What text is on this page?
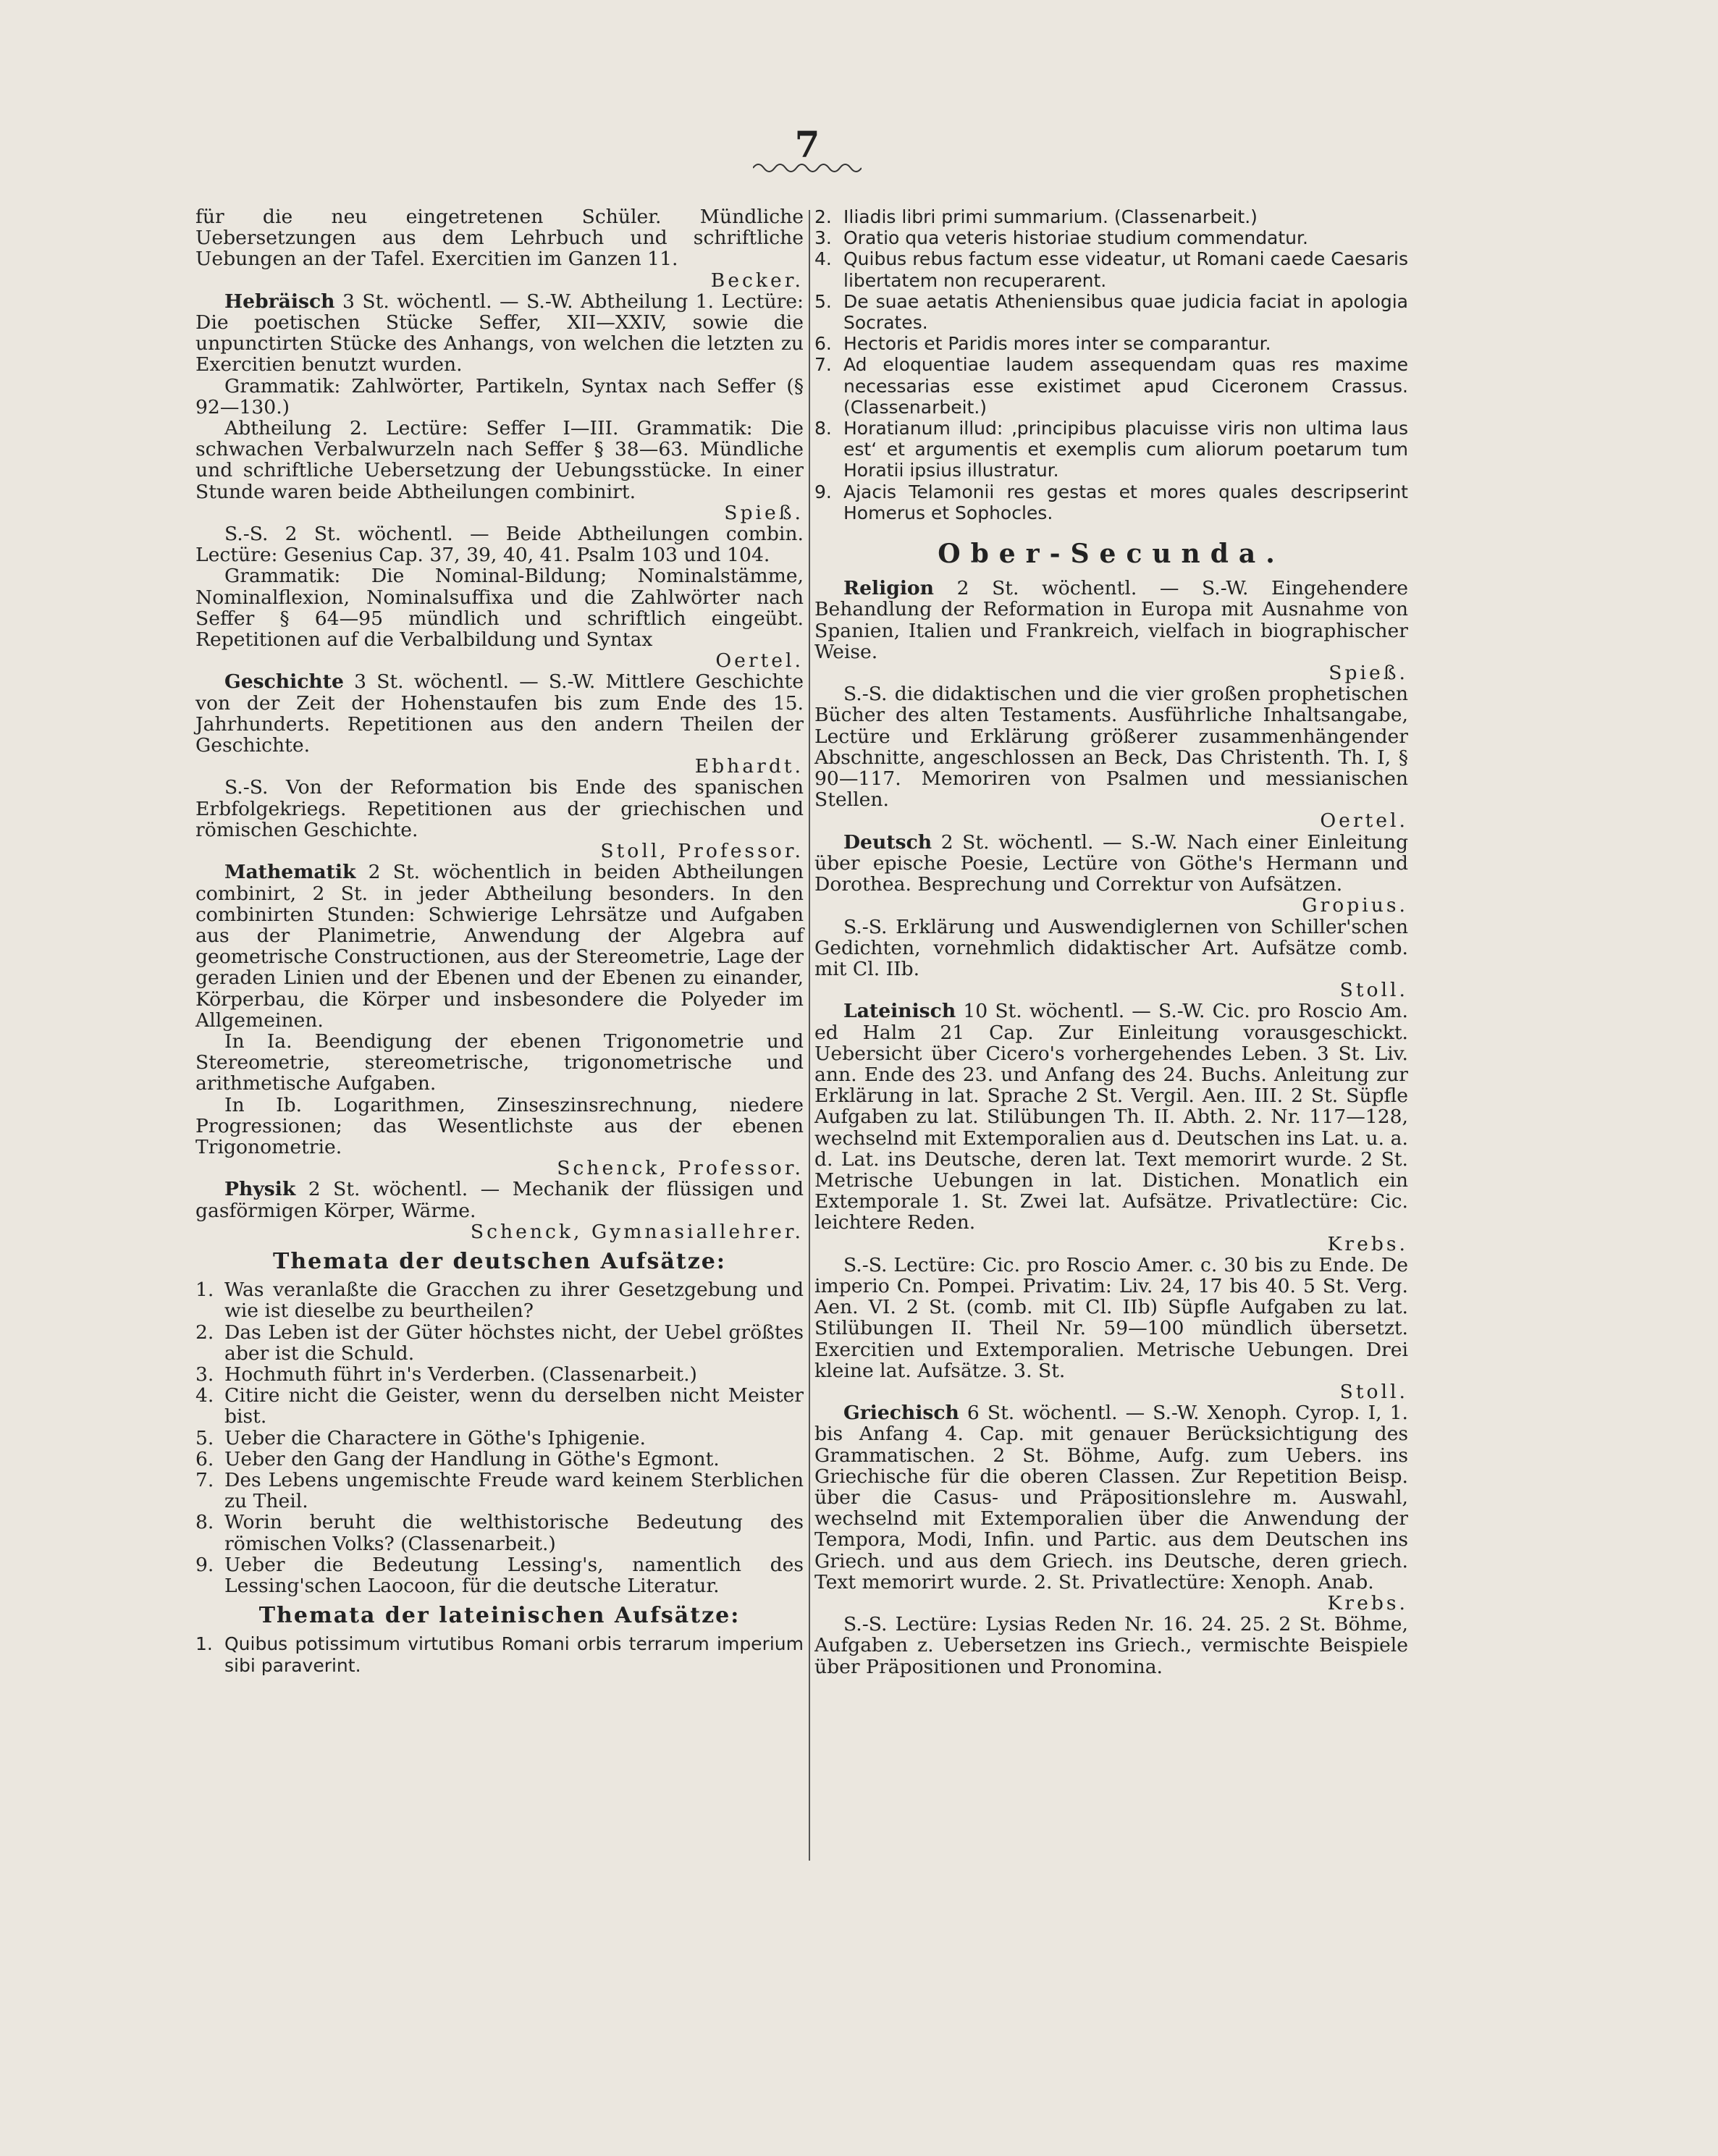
7

für die neu eingetretenen Schüler. Mündliche Uebersetzungen aus dem Lehrbuch und schriftliche Uebungen an der Tafel. Exercitien im Ganzen 11.

Becker.

Hebräisch 3 St. wöchentl. — S.-W. Abtheilung 1. Lectüre: Die poetischen Stücke Seffer, XII—XXIV, sowie die unpunctirten Stücke des Anhangs, von welchen die letzten zu Exercitien benutzt wurden.

Grammatik: Zahlwörter, Partikeln, Syntax nach Seffer (§ 92—130.)

Abtheilung 2. Lectüre: Seffer I—III. Grammatik: Die schwachen Verbalwurzeln nach Seffer § 38—63. Mündliche und schriftliche Uebersetzung der Uebungsstücke. In einer Stunde waren beide Abtheilungen combinirt.

Spieß.

S.-S. 2 St. wöchentl. — Beide Abtheilungen combin. Lectüre: Gesenius Cap. 37, 39, 40, 41. Psalm 103 und 104.

Grammatik: Die Nominal-Bildung; Nominalstämme, Nominalflexion, Nominalsuffixa und die Zahlwörter nach Seffer § 64—95 mündlich und schriftlich eingeübt. Repetitionen auf die Verbalbildung und Syntax

Oertel.

Geschichte 3 St. wöchentl. — S.-W. Mittlere Geschichte von der Zeit der Hohenstaufen bis zum Ende des 15. Jahrhunderts. Repetitionen aus den andern Theilen der Geschichte.

Ebhardt.

S.-S. Von der Reformation bis Ende des spanischen Erbfolgekriegs. Repetitionen aus der griechischen und römischen Geschichte.

Stoll, Professor.

Mathematik 2 St. wöchentlich in beiden Abtheilungen combinirt, 2 St. in jeder Abtheilung besonders. In den combinirten Stunden: Schwierige Lehrsätze und Aufgaben aus der Planimetrie, Anwendung der Algebra auf geometrische Constructionen, aus der Stereometrie, Lage der geraden Linien und der Ebenen und der Ebenen zu einander, Körperbau, die Körper und insbesondere die Polyeder im Allgemeinen.

In Ia. Beendigung der ebenen Trigonometrie und Stereometrie, stereometrische, trigonometrische und arithmetische Aufgaben.

In Ib. Logarithmen, Zinseszinsrechnung, niedere Progressionen; das Wesentlichste aus der ebenen Trigonometrie.

Schenck, Professor.

Physik 2 St. wöchentl. — Mechanik der flüssigen und gasförmigen Körper, Wärme.

Schenck, Gymnasiallehrer.

Themata der deutschen Aufsätze:
1. Was veranlaßte die Gracchen zu ihrer Gesetzgebung und wie ist dieselbe zu beurtheilen?
2. Das Leben ist der Güter höchstes nicht, der Uebel größtes aber ist die Schuld.
3. Hochmuth führt in's Verderben. (Classenarbeit.)
4. Citire nicht die Geister, wenn du derselben nicht Meister bist.
5. Ueber die Charactere in Göthe's Iphigenie.
6. Ueber den Gang der Handlung in Göthe's Egmont.
7. Des Lebens ungemischte Freude ward keinem Sterblichen zu Theil.
8. Worin beruht die welthistorische Bedeutung des römischen Volks? (Classenarbeit.)
9. Ueber die Bedeutung Lessing's, namentlich des Lessing'schen Laocoon, für die deutsche Literatur.
Themata der lateinischen Aufsätze:
1. Quibus potissimum virtutibus Romani orbis terrarum imperium sibi paraverint.
2. Iliadis libri primi summarium. (Classenarbeit.)
3. Oratio qua veteris historiae studium commendatur.
4. Quibus rebus factum esse videatur, ut Romani caede Caesaris libertatem non recuperarent.
5. De suae aetatis Atheniensibus quae judicia faciat in apologia Socrates.
6. Hectoris et Paridis mores inter se comparantur.
7. Ad eloquentiae laudem assequendam quas res maxime necessarias esse existimet apud Ciceronem Crassus. (Classenarbeit.)
8. Horatianum illud: ‚principibus placuisse viris non ultima laus est‘ et argumentis et exemplis cum aliorum poetarum tum Horatii ipsius illustratur.
9. Ajacis Telamonii res gestas et mores quales descripserint Homerus et Sophocles.
Ober-Secunda.

Religion 2 St. wöchentl. — S.-W. Eingehendere Behandlung der Reformation in Europa mit Ausnahme von Spanien, Italien und Frankreich, vielfach in biographischer Weise.

Spieß.

S.-S. die didaktischen und die vier großen prophetischen Bücher des alten Testaments. Ausführliche Inhaltsangabe, Lectüre und Erklärung größerer zusammenhängender Abschnitte, angeschlossen an Beck, Das Christenth. Th. I, § 90—117. Memoriren von Psalmen und messianischen Stellen.

Oertel.

Deutsch 2 St. wöchentl. — S.-W. Nach einer Einleitung über epische Poesie, Lectüre von Göthe's Hermann und Dorothea. Besprechung und Correktur von Aufsätzen.

Gropius.

S.-S. Erklärung und Auswendiglernen von Schiller'schen Gedichten, vornehmlich didaktischer Art. Aufsätze comb. mit Cl. IIb.

Stoll.

Lateinisch 10 St. wöchentl. — S.-W. Cic. pro Roscio Am. ed Halm 21 Cap. Zur Einleitung vorausgeschickt. Uebersicht über Cicero's vorhergehendes Leben. 3 St. Liv. ann. Ende des 23. und Anfang des 24. Buchs. Anleitung zur Erklärung in lat. Sprache 2 St. Vergil. Aen. III. 2 St. Süpfle Aufgaben zu lat. Stilübungen Th. II. Abth. 2. Nr. 117—128, wechselnd mit Extemporalien aus d. Deutschen ins Lat. u. a. d. Lat. ins Deutsche, deren lat. Text memorirt wurde. 2 St. Metrische Uebungen in lat. Distichen. Monatlich ein Extemporale 1. St. Zwei lat. Aufsätze. Privatlectüre: Cic. leichtere Reden.

Krebs.

S.-S. Lectüre: Cic. pro Roscio Amer. c. 30 bis zu Ende. De imperio Cn. Pompei. Privatim: Liv. 24, 17 bis 40. 5 St. Verg. Aen. VI. 2 St. (comb. mit Cl. IIb) Süpfle Aufgaben zu lat. Stilübungen II. Theil Nr. 59—100 mündlich übersetzt. Exercitien und Extemporalien. Metrische Uebungen. Drei kleine lat. Aufsätze. 3. St.

Stoll.

Griechisch 6 St. wöchentl. — S.-W. Xenoph. Cyrop. I, 1. bis Anfang 4. Cap. mit genauer Berücksichtigung des Grammatischen. 2 St. Böhme, Aufg. zum Uebers. ins Griechische für die oberen Classen. Zur Repetition Beisp. über die Casus- und Präpositionslehre m. Auswahl, wechselnd mit Extemporalien über die Anwendung der Tempora, Modi, Infin. und Partic. aus dem Deutschen ins Griech. und aus dem Griech. ins Deutsche, deren griech. Text memorirt wurde. 2. St. Privatlectüre: Xenoph. Anab.

Krebs.

S.-S. Lectüre: Lysias Reden Nr. 16. 24. 25. 2 St. Böhme, Aufgaben z. Uebersetzen ins Griech., vermischte Beispiele über Präpositionen und Pronomina.
